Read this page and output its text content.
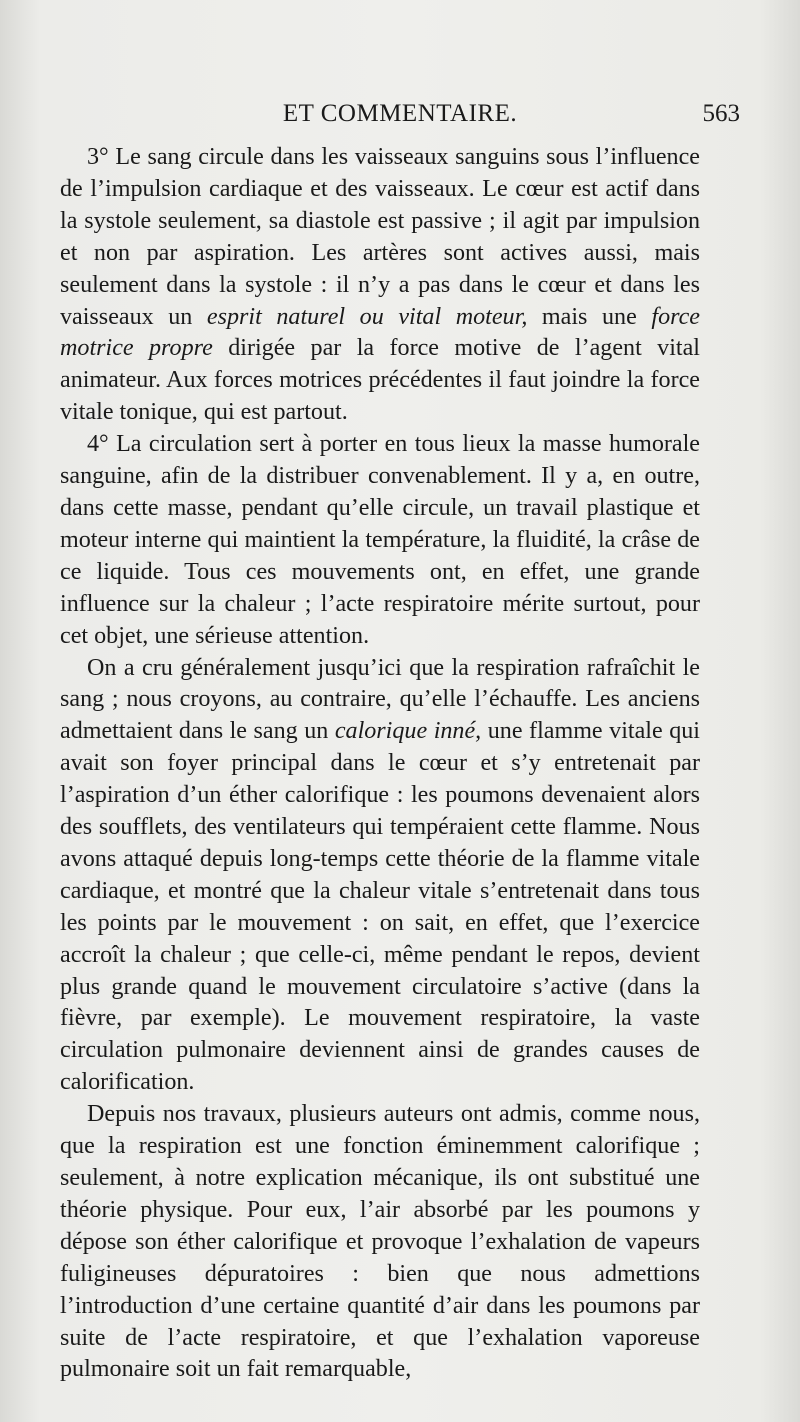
ET COMMENTAIRE.	563

3° Le sang circule dans les vaisseaux sanguins sous l’influence de l’impulsion cardiaque et des vaisseaux. Le cœur est actif dans la systole seulement, sa diastole est passive ; il agit par impulsion et non par aspiration. Les artères sont actives aussi, mais seulement dans la systole : il n’y a pas dans le cœur et dans les vaisseaux un esprit naturel ou vital moteur, mais une force motrice propre dirigée par la force motive de l’agent vital animateur. Aux forces motrices précédentes il faut joindre la force vitale tonique, qui est partout.

4° La circulation sert à porter en tous lieux la masse humorale sanguine, afin de la distribuer convenablement. Il y a, en outre, dans cette masse, pendant qu’elle circule, un travail plastique et moteur interne qui maintient la température, la fluidité, la crâse de ce liquide. Tous ces mouvements ont, en effet, une grande influence sur la chaleur ; l’acte respiratoire mérite surtout, pour cet objet, une sérieuse attention.

On a cru généralement jusqu’ici que la respiration rafraîchit le sang ; nous croyons, au contraire, qu’elle l’échauffe. Les anciens admettaient dans le sang un calorique inné, une flamme vitale qui avait son foyer principal dans le cœur et s’y entretenait par l’aspiration d’un éther calorifique : les poumons devenaient alors des soufflets, des ventilateurs qui tempéraient cette flamme. Nous avons attaqué depuis long-temps cette théorie de la flamme vitale cardiaque, et montré que la chaleur vitale s’entretenait dans tous les points par le mouvement : on sait, en effet, que l’exercice accroît la chaleur ; que celle-ci, même pendant le repos, devient plus grande quand le mouvement circulatoire s’active (dans la fièvre, par exemple). Le mouvement respiratoire, la vaste circulation pulmonaire deviennent ainsi de grandes causes de calorification.

Depuis nos travaux, plusieurs auteurs ont admis, comme nous, que la respiration est une fonction éminemment calorifique ; seulement, à notre explication mécanique, ils ont substitué une théorie physique. Pour eux, l’air absorbé par les poumons y dépose son éther calorifique et provoque l’exhalation de vapeurs fuligineuses dépuratoires : bien que nous admettions l’introduction d’une certaine quantité d’air dans les poumons par suite de l’acte respiratoire, et que l’exhalation vaporeuse pulmonaire soit un fait remarquable,
